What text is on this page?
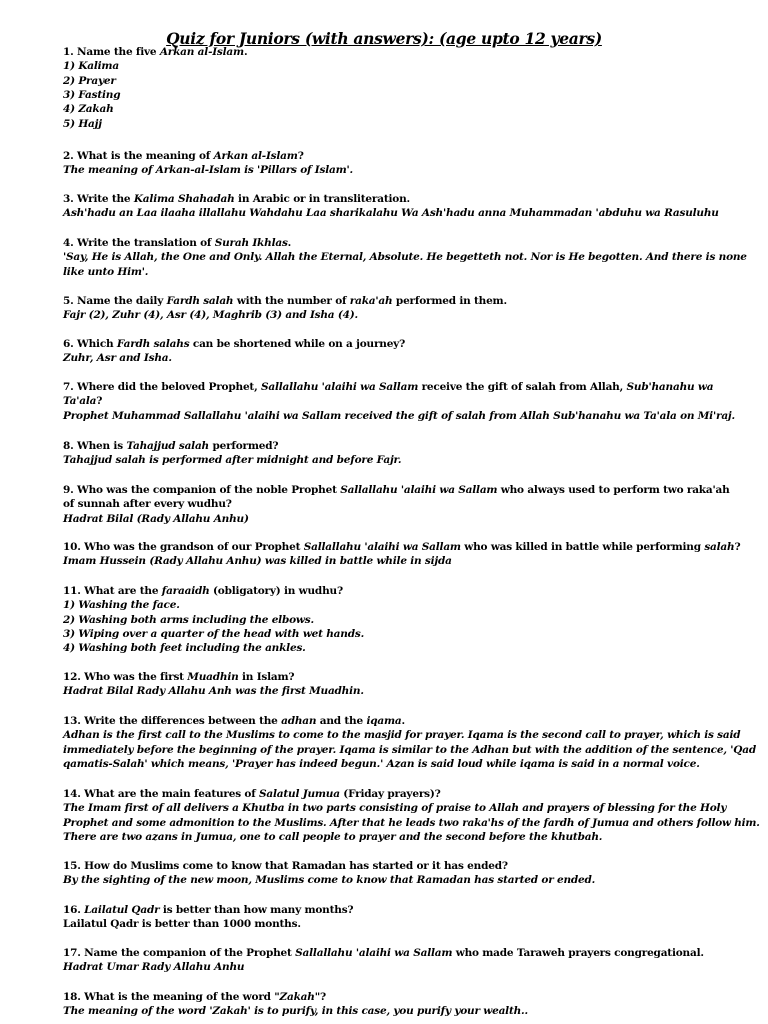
Quiz for Juniors (with answers): (age upto 12 years)
1. Name the five Arkan al-Islam.
1) Kalima
2) Prayer
3) Fasting
4) Zakah
5) Hajj
2. What is the meaning of Arkan al-Islam?
The meaning of Arkan-al-Islam is 'Pillars of Islam'.
3. Write the Kalima Shahadah in Arabic or in transliteration.
Ash'hadu an Laa ilaaha illallahu Wahdahu Laa sharikalahu Wa Ash'hadu anna Muhammadan 'abduhu wa Rasuluhu
4. Write the translation of Surah Ikhlas.
'Say, He is Allah, the One and Only. Allah the Eternal, Absolute. He begetteth not. Nor is He begotten. And there is none
like unto Him'.
5. Name the daily Fardh salah with the number of raka'ah performed in them.
Fajr (2), Zuhr (4), Asr (4), Maghrib (3) and Isha (4).
6. Which Fardh salahs can be shortened while on a journey?
Zuhr, Asr and Isha.
7. Where did the beloved Prophet, Sallallahu 'alaihi wa Sallam receive the gift of salah from Allah, Sub'hanahu wa
Ta'ala?
Prophet Muhammad Sallallahu 'alaihi wa Sallam received the gift of salah from Allah Sub'hanahu wa Ta'ala on Mi'raj.
8. When is Tahajjud salah performed?
Tahajjud salah is performed after midnight and before Fajr.
9. Who was the companion of the noble Prophet Sallallahu 'alaihi wa Sallam who always used to perform two raka'ah
of sunnah after every wudhu?
Hadrat Bilal (Rady Allahu Anhu)
10. Who was the grandson of our Prophet Sallallahu 'alaihi wa Sallam who was killed in battle while performing salah?
Imam Hussein (Rady Allahu Anhu) was killed in battle while in sijda
11. What are the faraaidh (obligatory) in wudhu?
1) Washing the face.
2) Washing both arms including the elbows.
3) Wiping over a quarter of the head with wet hands.
4) Washing both feet including the ankles.
12. Who was the first Muadhin in Islam?
Hadrat Bilal Rady Allahu Anh was the first Muadhin.
13. Write the differences between the adhan and the iqama.
Adhan is the first call to the Muslims to come to the masjid for prayer. Iqama is the second call to prayer, which is said
immediately before the beginning of the prayer. Iqama is similar to the Adhan but with the addition of the sentence, 'Qad
qamatis-Salah' which means, 'Prayer has indeed begun.' Azan is said loud while iqama is said in a normal voice.
14. What are the main features of Salatul Jumua (Friday prayers)?
The Imam first of all delivers a Khutba in two parts consisting of praise to Allah and prayers of blessing for the Holy
Prophet and some admonition to the Muslims. After that he leads two raka'hs of the fardh of Jumua and others follow him.
There are two azans in Jumua, one to call people to prayer and the second before the khutbah.
15. How do Muslims come to know that Ramadan has started or it has ended?
By the sighting of the new moon, Muslims come to know that Ramadan has started or ended.
16. Lailatul Qadr is better than how many months?
Lailatul Qadr is better than 1000 months.
17. Name the companion of the Prophet Sallallahu 'alaihi wa Sallam who made Taraweh prayers congregational.
Hadrat Umar Rady Allahu Anhu
18. What is the meaning of the word "Zakah"?
The meaning of the word 'Zakah' is to purify, in this case, you purify your wealth..
